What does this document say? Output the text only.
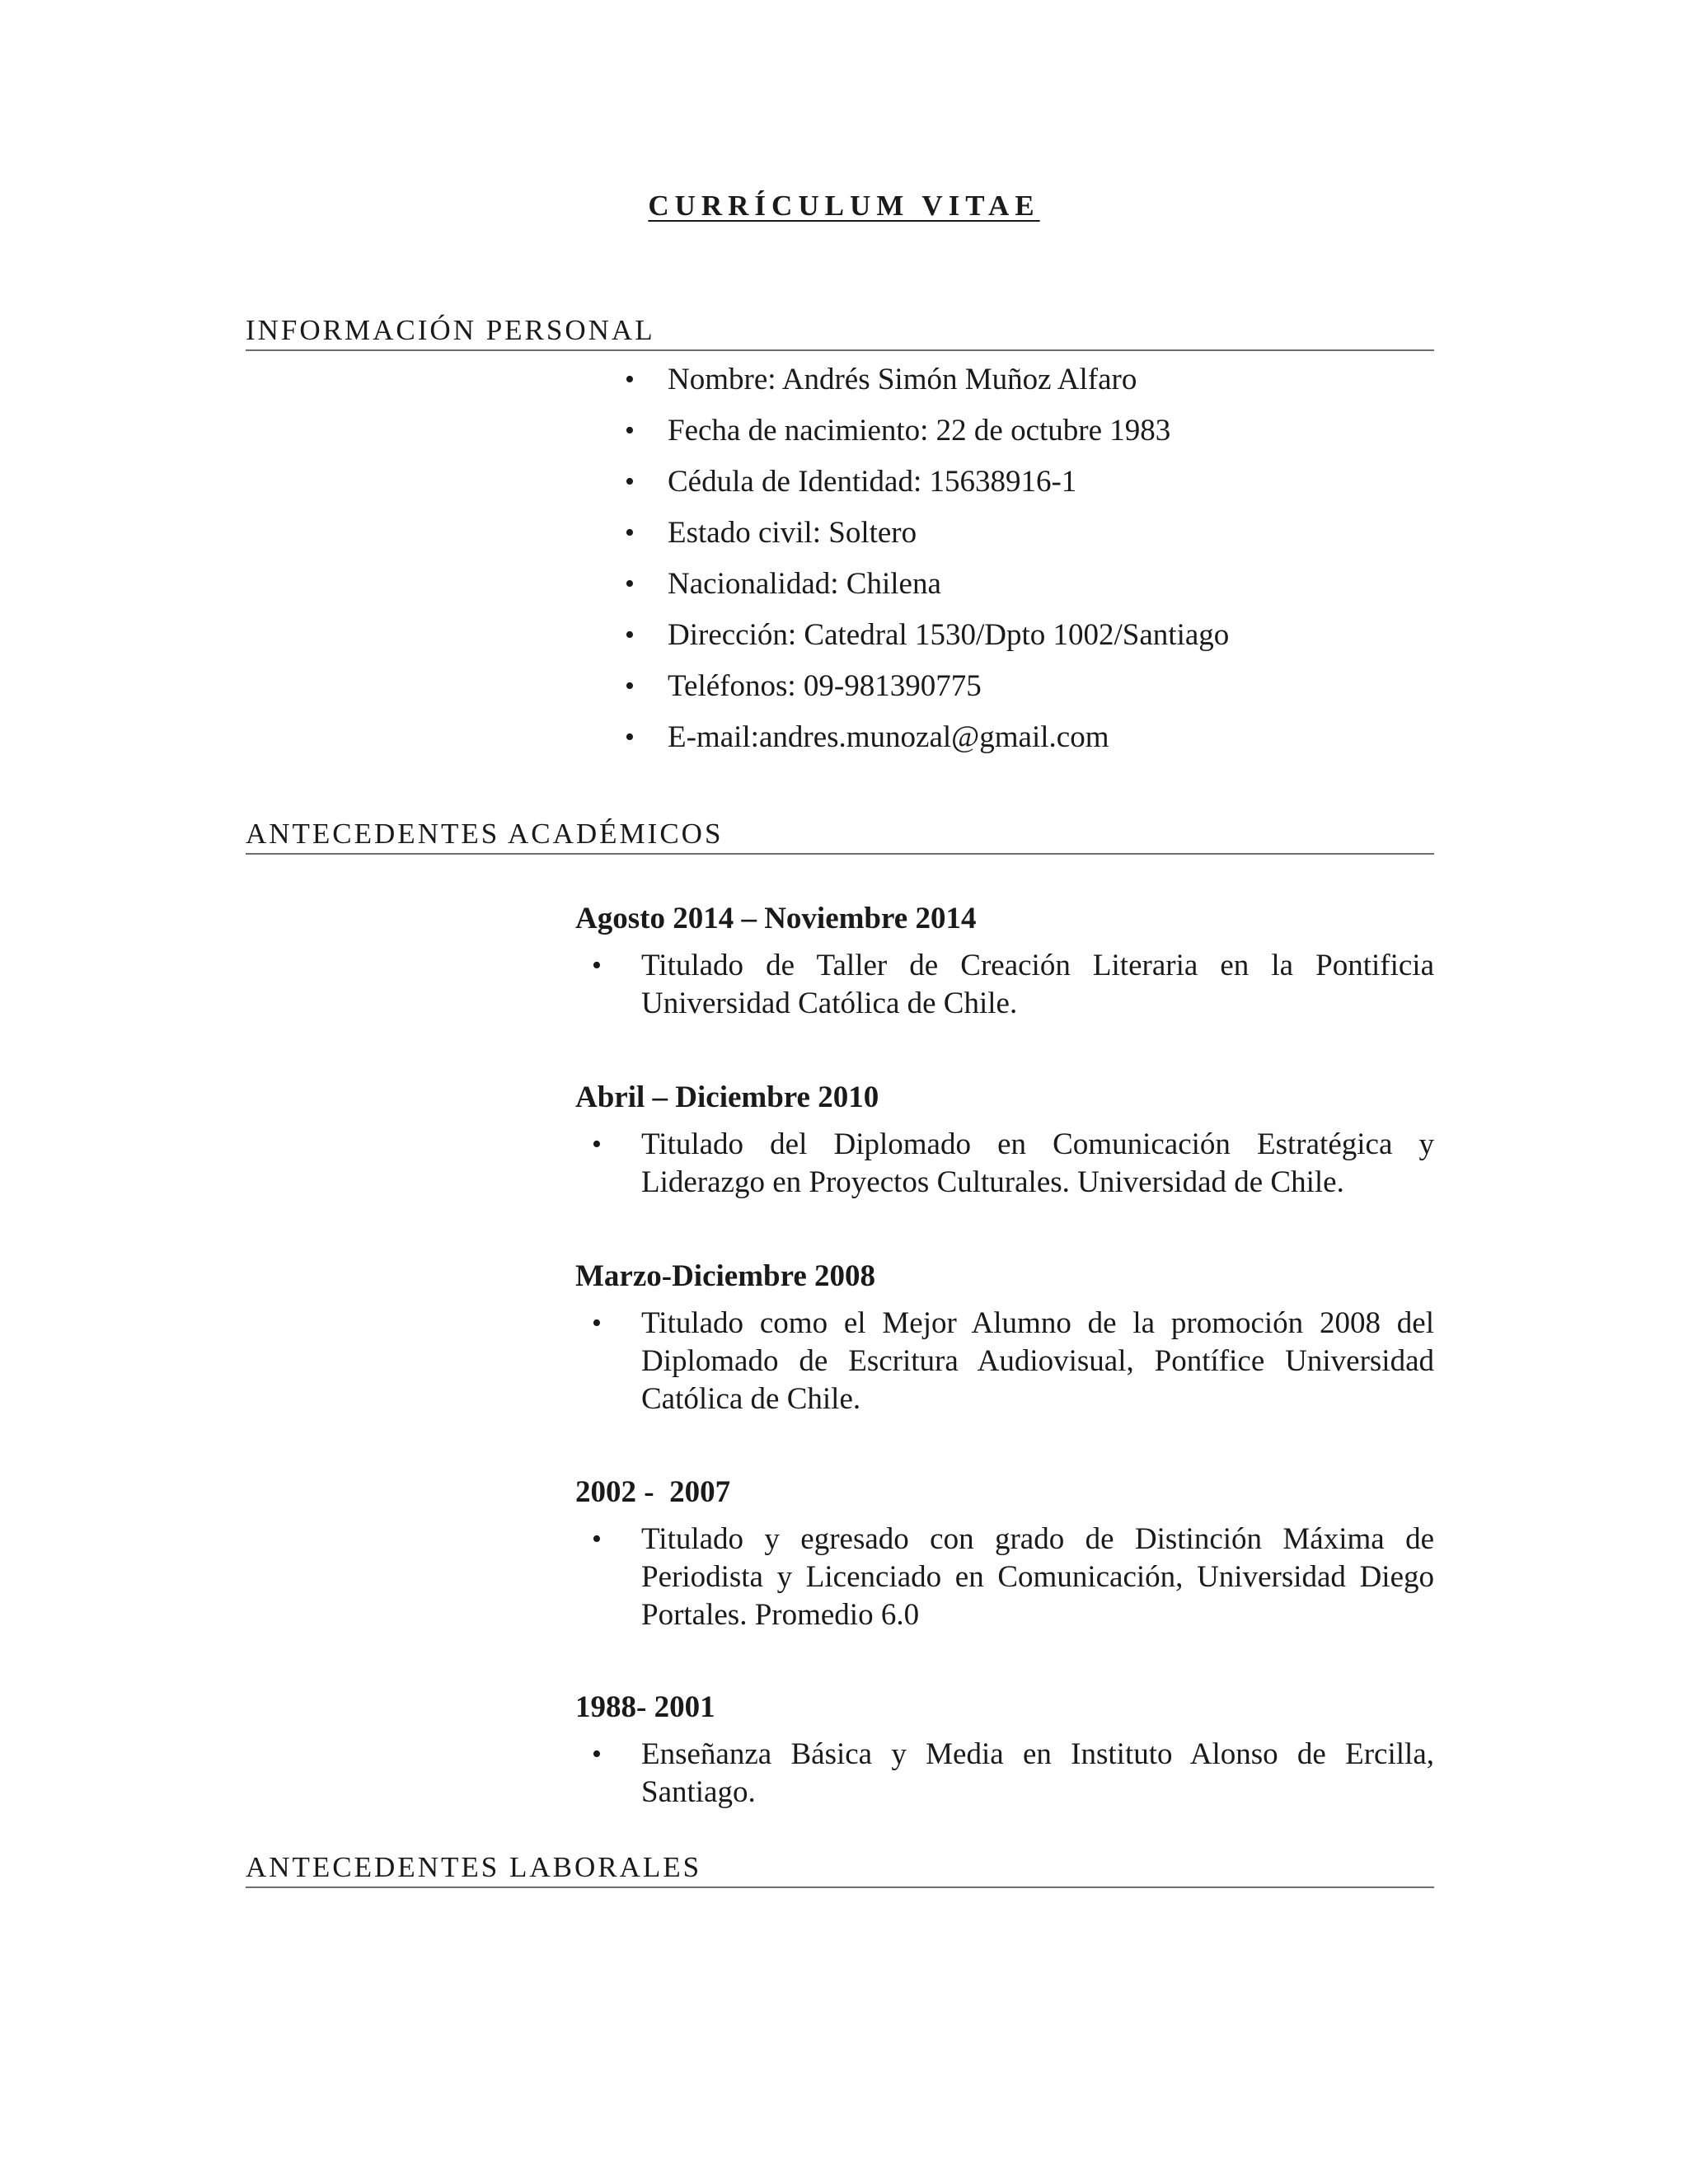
CURRÍCULUM VITAE
INFORMACIÓN PERSONAL
• Nombre: Andrés Simón Muñoz Alfaro
• Fecha de nacimiento: 22 de octubre 1983
• Cédula de Identidad: 15638916-1
• Estado civil: Soltero
• Nacionalidad: Chilena
• Dirección: Catedral 1530/Dpto 1002/Santiago
• Teléfonos: 09-981390775
• E-mail:andres.munozal@gmail.com
ANTECEDENTES ACADÉMICOS
Agosto 2014 – Noviembre 2014
• Titulado de Taller de Creación Literaria en la Pontificia Universidad Católica de Chile.
Abril – Diciembre 2010
• Titulado del Diplomado en Comunicación Estratégica y Liderazgo en Proyectos Culturales. Universidad de Chile.
Marzo-Diciembre 2008
• Titulado como el Mejor Alumno de la promoción 2008 del Diplomado de Escritura Audiovisual, Pontífice Universidad Católica de Chile.
2002 -  2007
• Titulado y egresado con grado de Distinción Máxima de Periodista y Licenciado en Comunicación, Universidad Diego Portales. Promedio 6.0
1988- 2001
• Enseñanza Básica y Media en Instituto Alonso de Ercilla, Santiago.
ANTECEDENTES LABORALES
